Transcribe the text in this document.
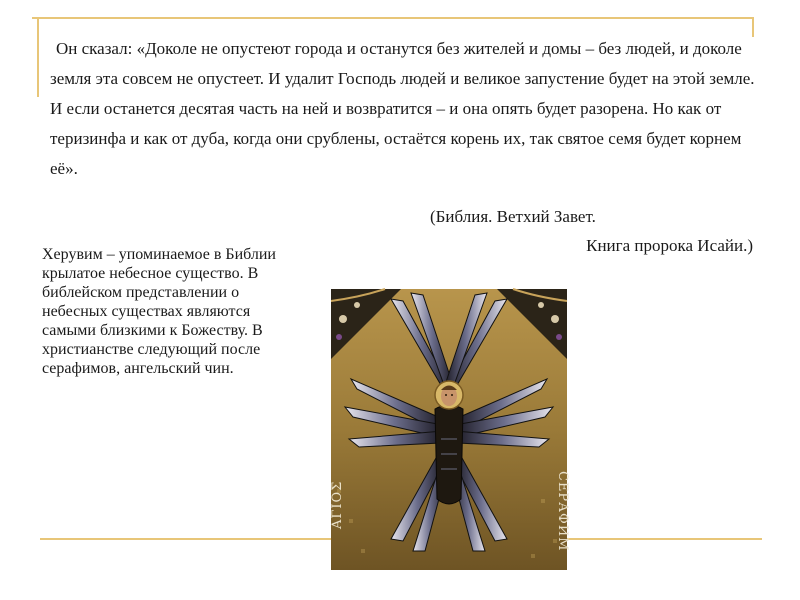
Он сказал: «Доколе не опустеют города и останутся без жителей и домы – без людей, и доколе земля эта совсем не опустеет. И удалит Господь людей и великое запустение будет на этой земле. И если останется десятая часть на ней и возвратится – и она опять будет разорена. Но как от теризинфа и как от дуба, когда они срублены, остаётся корень их, так святое семя будет корнем её».

(Библия. Ветхий Завет.

Книга пророка Исайи.)

Херувим – упоминаемое в Библии крылатое небесное существо. В библейском представлении о небесных существах являются самыми близкими к Божеству. В христианстве следующий после серафимов, ангельский чин.

ΑΓΙΟΣ	СЕРАФИМ
